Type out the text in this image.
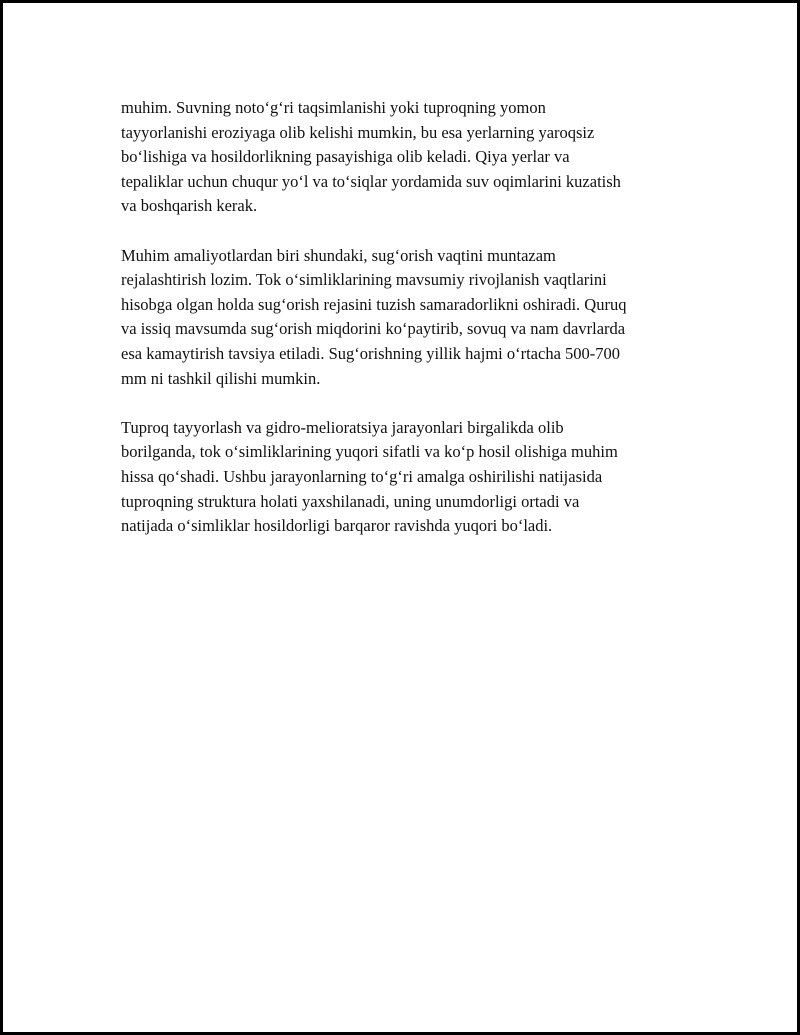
muhim. Suvning noto‘g‘ri taqsimlanishi yoki tuproqning yomon
tayyorlanishi eroziyaga olib kelishi mumkin, bu esa yerlarning yaroqsiz
bo‘lishiga va hosildorlikning pasayishiga olib keladi. Qiya yerlar va
tepaliklar uchun chuqur yo‘l va to‘siqlar yordamida suv oqimlarini kuzatish
va boshqarish kerak.

Muhim amaliyotlardan biri shundaki, sug‘orish vaqtini muntazam
rejalashtirish lozim. Tok o‘simliklarining mavsumiy rivojlanish vaqtlarini
hisobga olgan holda sug‘orish rejasini tuzish samaradorlikni oshiradi. Quruq
va issiq mavsumda sug‘orish miqdorini ko‘paytirib, sovuq va nam davrlarda
esa kamaytirish tavsiya etiladi. Sug‘orishning yillik hajmi o‘rtacha 500-700
mm ni tashkil qilishi mumkin.

Tuproq tayyorlash va gidro-melioratsiya jarayonlari birgalikda olib
borilganda, tok o‘simliklarining yuqori sifatli va ko‘p hosil olishiga muhim
hissa qo‘shadi. Ushbu jarayonlarning to‘g‘ri amalga oshirilishi natijasida
tuproqning struktura holati yaxshilanadi, uning unumdorligi ortadi va
natijada o‘simliklar hosildorligi barqaror ravishda yuqori bo‘ladi.
